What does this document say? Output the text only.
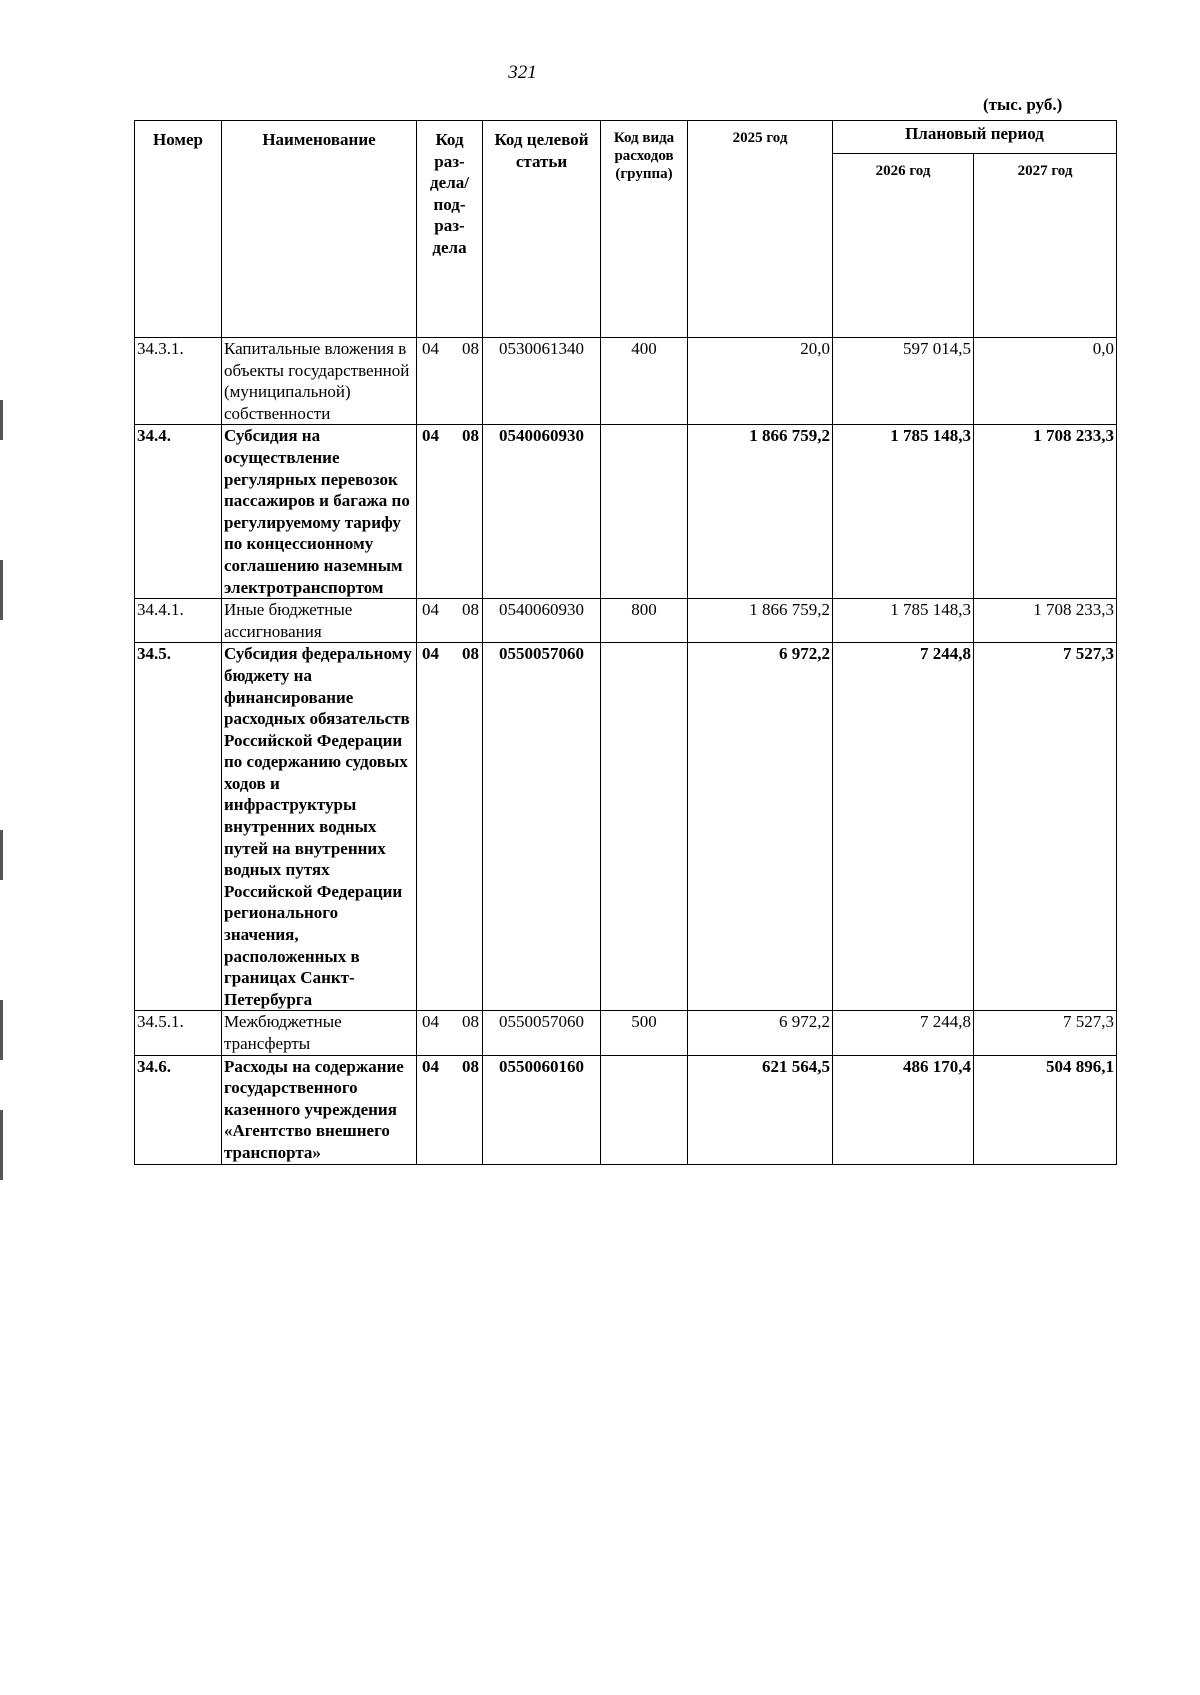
321
(тыс. руб.)
Номер	Наименование	Код раз- дела/ под- раз- дела	Код целевой статьи	Код вида расходов (группа)	2025 год	Плановый период	
						2026 год	2027 год
34.3.1.	Капитальные вложения в объекты государственной (муниципальной) собственности	04 08	0530061340	400	20,0	597 014,5	0,0
34.4.	Субсидия на осуществление регулярных перевозок пассажиров и багажа по регулируемому тарифу по концессионному соглашению наземным электротранспортом	04 08	0540060930		1 866 759,2	1 785 148,3	1 708 233,3
34.4.1.	Иные бюджетные ассигнования	04 08	0540060930	800	1 866 759,2	1 785 148,3	1 708 233,3
34.5.	Субсидия федеральному бюджету на финансирование расходных обязательств Российской Федерации по содержанию судовых ходов и инфраструктуры внутренних водных путей на внутренних водных путях Российской Федерации регионального значения, расположенных в границах Санкт-Петербурга	04 08	0550057060		6 972,2	7 244,8	7 527,3
34.5.1.	Межбюджетные трансферты	04 08	0550057060	500	6 972,2	7 244,8	7 527,3
34.6.	Расходы на содержание государственного казенного учреждения «Агентство внешнего транспорта»	04 08	0550060160		621 564,5	486 170,4	504 896,1
